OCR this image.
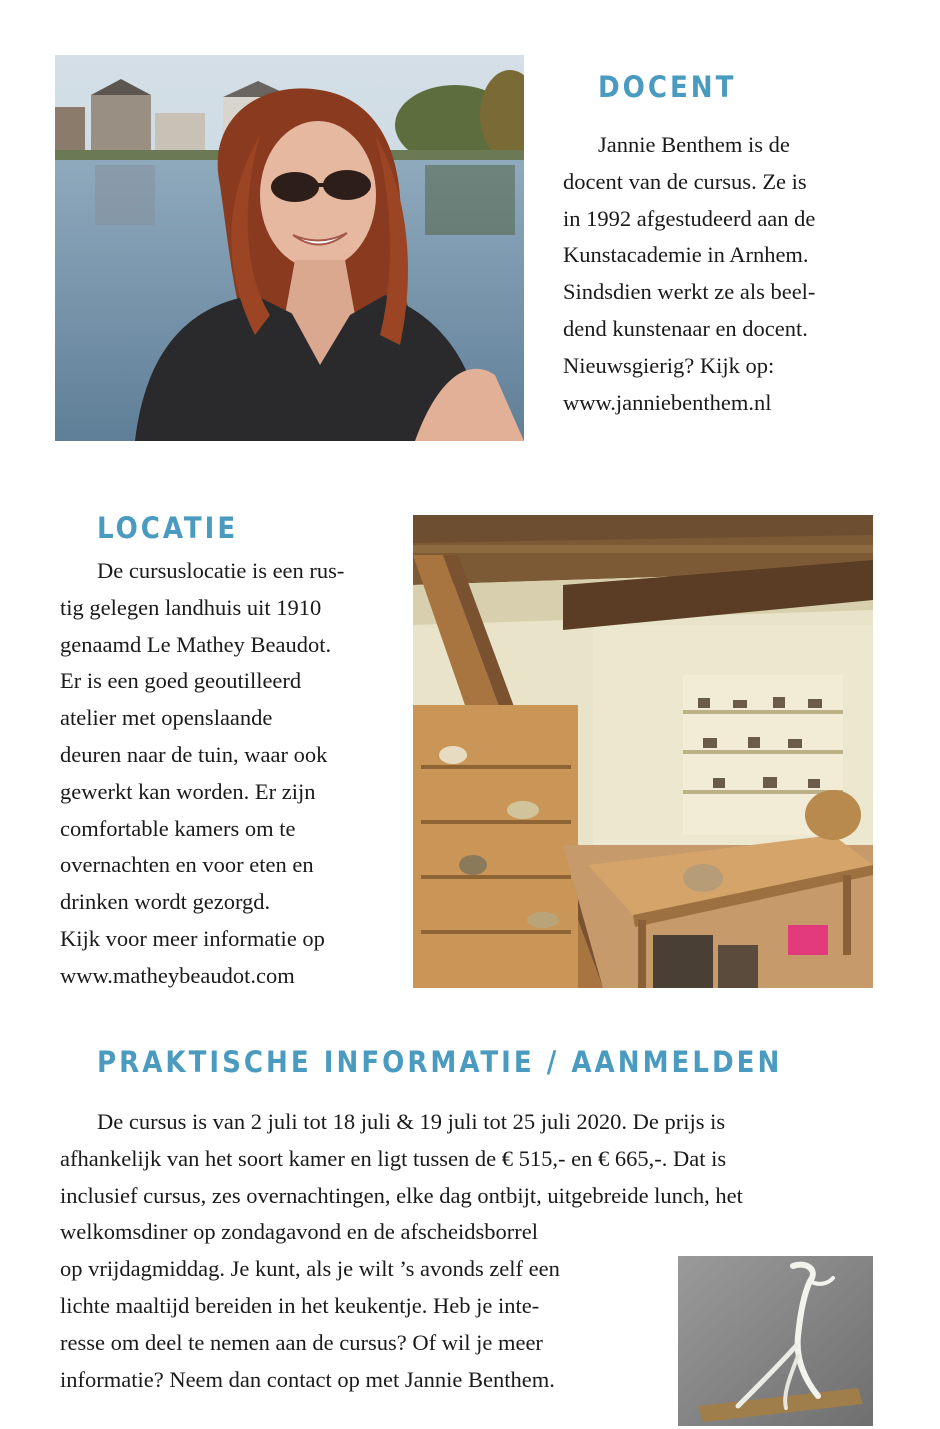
DOCENT
Jannie Benthem is de
docent van de cursus. Ze is
in 1992 afgestudeerd aan de
Kunstacademie in Arnhem.
Sindsdien werkt ze als beel-
dend kunstenaar en docent.
Nieuwsgierig? Kijk op:
www.janniebenthem.nl
LOCATIE
De cursuslocatie is een rus-
tig gelegen landhuis uit 1910
genaamd Le Mathey Beaudot.
Er is een goed geoutilleerd
atelier met openslaande
deuren naar de tuin, waar ook
gewerkt kan worden. Er zijn
comfortable kamers om te
overnachten en voor eten en
drinken wordt gezorgd.
Kijk voor meer informatie op
www.matheybeaudot.com
PRAKTISCHE INFORMATIE / AANMELDEN
De cursus is van 2 juli tot 18 juli & 19 juli tot 25 juli 2020. De prijs is
afhankelijk van het soort kamer en ligt tussen de € 515,- en € 665,-. Dat is
inclusief cursus, zes overnachtingen, elke dag ontbijt, uitgebreide lunch, het
welkomsdiner op zondagavond en de afscheidsborrel
op vrijdagmiddag. Je kunt, als je wilt ’s avonds zelf een
lichte maaltijd bereiden in het keukentje. Heb je inte-
resse om deel te nemen aan de cursus? Of wil je meer
informatie? Neem dan contact op met Jannie Benthem.
